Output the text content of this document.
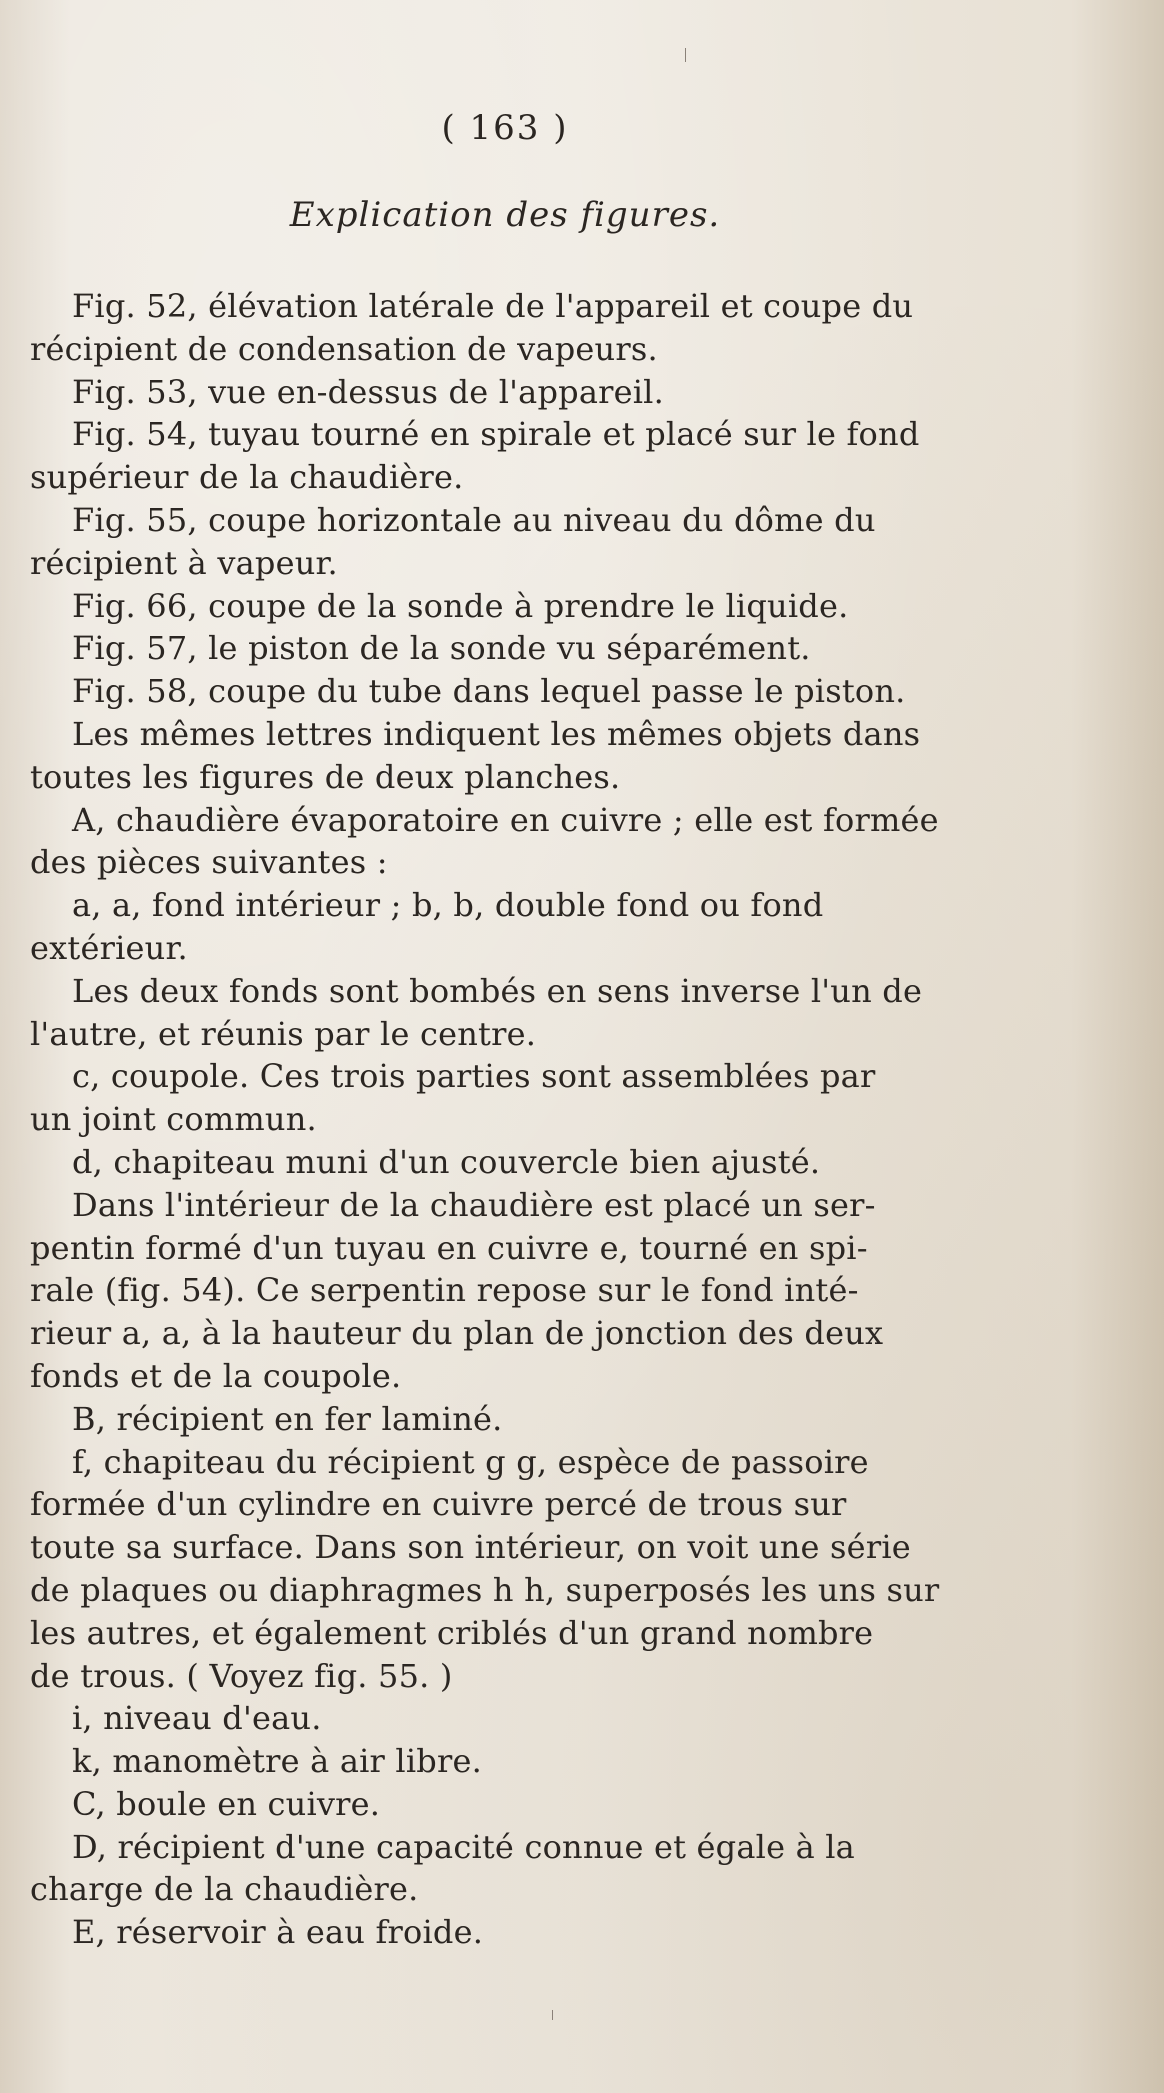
( 163 )
Explication des figures.
Fig. 52, élévation latérale de l'appareil et coupe du
récipient de condensation de vapeurs.
Fig. 53, vue en-dessus de l'appareil.
Fig. 54, tuyau tourné en spirale et placé sur le fond
supérieur de la chaudière.
Fig. 55, coupe horizontale au niveau du dôme du
récipient à vapeur.
Fig. 66, coupe de la sonde à prendre le liquide.
Fig. 57, le piston de la sonde vu séparément.
Fig. 58, coupe du tube dans lequel passe le piston.
Les mêmes lettres indiquent les mêmes objets dans
toutes les figures de deux planches.
A, chaudière évaporatoire en cuivre ; elle est formée
des pièces suivantes :
a, a, fond intérieur ; b, b, double fond ou fond
extérieur.
Les deux fonds sont bombés en sens inverse l'un de
l'autre, et réunis par le centre.
c, coupole. Ces trois parties sont assemblées par
un joint commun.
d, chapiteau muni d'un couvercle bien ajusté.
Dans l'intérieur de la chaudière est placé un ser-
pentin formé d'un tuyau en cuivre e, tourné en spi-
rale (fig. 54). Ce serpentin repose sur le fond inté-
rieur a, a, à la hauteur du plan de jonction des deux
fonds et de la coupole.
B, récipient en fer laminé.
f, chapiteau du récipient g g, espèce de passoire
formée d'un cylindre en cuivre percé de trous sur
toute sa surface. Dans son intérieur, on voit une série
de plaques ou diaphragmes h h, superposés les uns sur
les autres, et également criblés d'un grand nombre
de trous. ( Voyez fig. 55. )
i, niveau d'eau.
k, manomètre à air libre.
C, boule en cuivre.
D, récipient d'une capacité connue et égale à la
charge de la chaudière.
E, réservoir à eau froide.
